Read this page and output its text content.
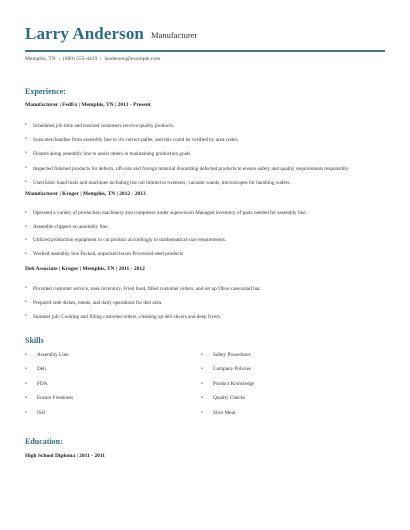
Larry Anderson Manufacturer
Memphis, TN | (680) 555-4439 | landerson@example.com
Experience:
Manufacturer | FedEx | Memphis, TN | 2013 - Present
• Scheduled job time and ensured customers receive quality products.
• Scan merchandise from assembly line to it's correct pallet, and this could be verified by area codes.
• Floated along assembly line to assist others in maintaining production goals
• Inspected finished products for defects, off-cuts and foreign material discarding defected products to ensure safety and quality requirements responsibly.
• Used basic hand tools and machines including but not limited to tweezers, vacuum wands, microscopes for handling wafers.
Manufacturer | Kroger | Memphis, TN | 2012 - 2013
• Operated a variety of production machinery and computers under supervision Managed inventory of parts needed for assembly line.
• Assemble clippers on assembly line.
• Utilized production equipment to cut product accordingly to mathematical size requirements.
• Worked assembly line Packed, unpacked boxes Processed steel products
Deli Associate | Kroger | Memphis, TN | 2011 - 2012
• Provided customer service, took inventory, Fried food, filled customer orders, and set up Olive case/salad bar.
• Prepared side dishes, meats, and daily operations for deli area.
• Summer job: Cooking and filling customer orders, cleaning up deli slicers and deep fryers.
Skills
• Assembly Line
• Deli
• FDA
• Ensure Freshness
• ISO
• Safety Procedures
• Company Policies
• Product Knowledge
• Quality Checks
• Slice Meat
Education:
High School Diploma | 2011 - 2011
